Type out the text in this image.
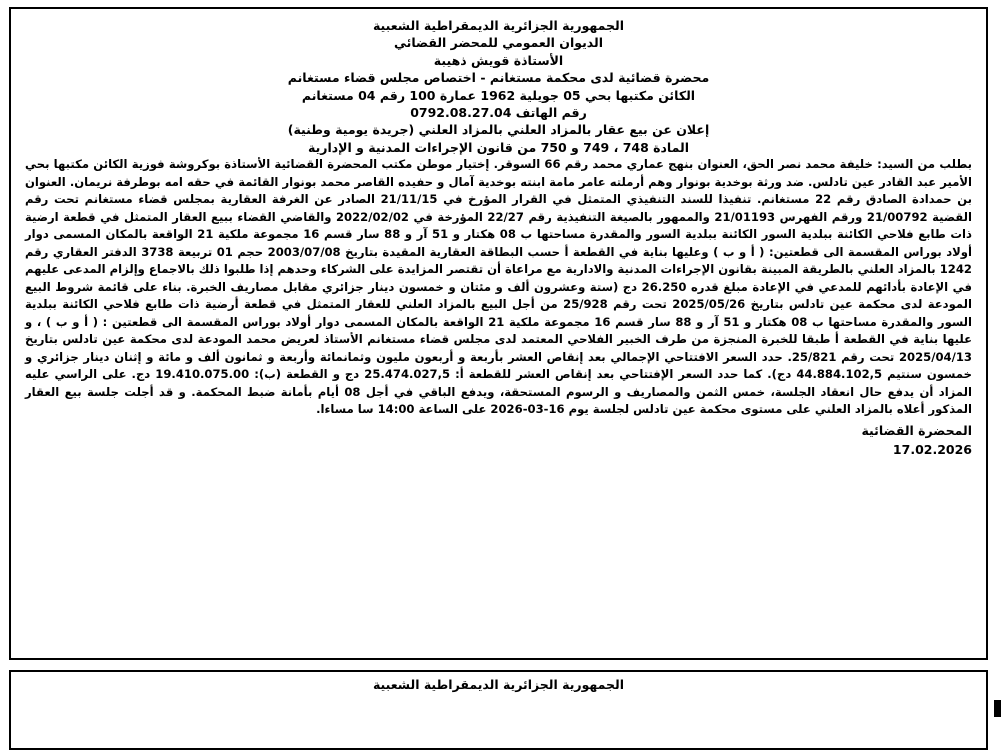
الجمهورية الجزائرية الديمقراطية الشعبية
الديوان العمومي للمحضر القضائي
الأستاذة قويش ذهيبة
محضرة قضائية لدى محكمة مستغانم - اختصاص مجلس قضاء مستغانم
الكائن مكتبها بحي 05 جويلية 1962 عمارة 100 رقم 04 مستغانم
رقم الهاتف 0792.08.27.04
إعلان عن بيع عقار بالمزاد العلني بالمزاد العلني (جريدة يومية وطنية)
المادة 748 ، 749 و 750 من قانون الإجراءات المدنية و الإدارية

بطلب من السيد: خليفة محمد نصر الحق، العنوان بنهج عماري محمد رقم 66 السوقر. إختيار موطن مكتب المحضرة القضائية الأستاذة بوكروشة فوزية الكائن مكتبها بحي الأمير عبد القادر عين تادلس. ضد ورثة بوخدية بونوار وهم أرملته عامر مامة ابنته بوخدية آمال و حفيده القاصر محمد بونوار القائمة في حقه امه بوطرفة نريمان. العنوان بن حمدادة الصادق رقم 22 مستغانم. تنفيذا للسند التنفيذي المتمثل في القرار المؤرخ في 21/11/15 الصادر عن الغرفة العقارية بمجلس قضاء مستغانم تحت رقم القضية 21/00792 ورقم الفهرس 21/01193 والممهور بالصيغة التنفيذية رقم 22/27 المؤرخة في 2022/02/02 والقاضي القضاء ببيع العقار المتمثل في قطعة ارضية ذات طابع فلاحي الكائنة ببلدية السور الكائنة ببلدية السور والمقدرة مساحتها ب 08 هكتار و 51 آر و 88 سار قسم 16 مجموعة ملكية 21 الواقعة بالمكان المسمى دوار أولاد بوراس المقسمة الى قطعتين: ( أ و ب ) وعليها بناية في القطعة أ حسب البطاقة العقارية المقيدة بتاريخ 2003/07/08 حجم 01 تربيعة 3738 الدفتر العقاري رقم 1242 بالمزاد العلني بالطريقة المبينة بقانون الإجراءات المدنية والادارية مع مراعاة أن تقتصر المزايدة على الشركاء وحدهم إذا طلبوا ذلك بالاجماع وإلزام المدعى عليهم في الإعادة بأدائهم للمدعي في الإعادة مبلغ قدره 26.250 دج (ستة وعشرون ألف و مئتان و خمسون دينار جزائري مقابل مصاريف الخبرة. بناء على قائمة شروط البيع المودعة لدى محكمة عين تادلس بتاريخ 2025/05/26 تحت رقم 25/928 من أجل البيع بالمزاد العلني للعقار المتمثل في قطعة أرضية ذات طابع فلاحي الكائنة ببلدية السور والمقدرة مساحتها ب 08 هكتار و 51 آر و 88 سار قسم 16 مجموعة ملكية 21 الواقعة بالمكان المسمى دوار أولاد بوراس المقسمة الى قطعتين : ( أ و ب ) ، و عليها بناية في القطعة أ طبقا للخبرة المنجزة من طرف الخبير الفلاحي المعتمد لدى مجلس قضاء مستغانم الأستاذ لعريض محمد المودعة لدى محكمة عين تادلس بتاريخ 2025/04/13 تحت رقم 25/821. حدد السعر الافتتاحي الإجمالي بعد إنقاص العشر بأربعة و أربعون مليون وثمانمائة وأربعة و ثمانون ألف و مائة و إثنان دينار جزائري و خمسون سنتيم 44.884.102,5 دج). كما حدد السعر الإفتتاحي بعد إنقاص العشر للقطعة أ: 25.474.027,5 دج و القطعة (ب): 19.410.075.00 دج. على الراسي عليه المزاد أن يدفع حال انعقاد الجلسة، خمس الثمن والمصاريف و الرسوم المستحقة، ويدفع الباقي في أجل 08 أيام بأمانة ضبط المحكمة. و قد أجلت جلسة بيع العقار المذكور أعلاه بالمزاد العلني على مستوى محكمة عين تادلس لجلسة يوم 16-03-2026 على الساعة 14:00 سا مساءا.

المحضرة القضائية
17.02.2026
الجمهورية الجزائرية الديمقراطية الشعبية
